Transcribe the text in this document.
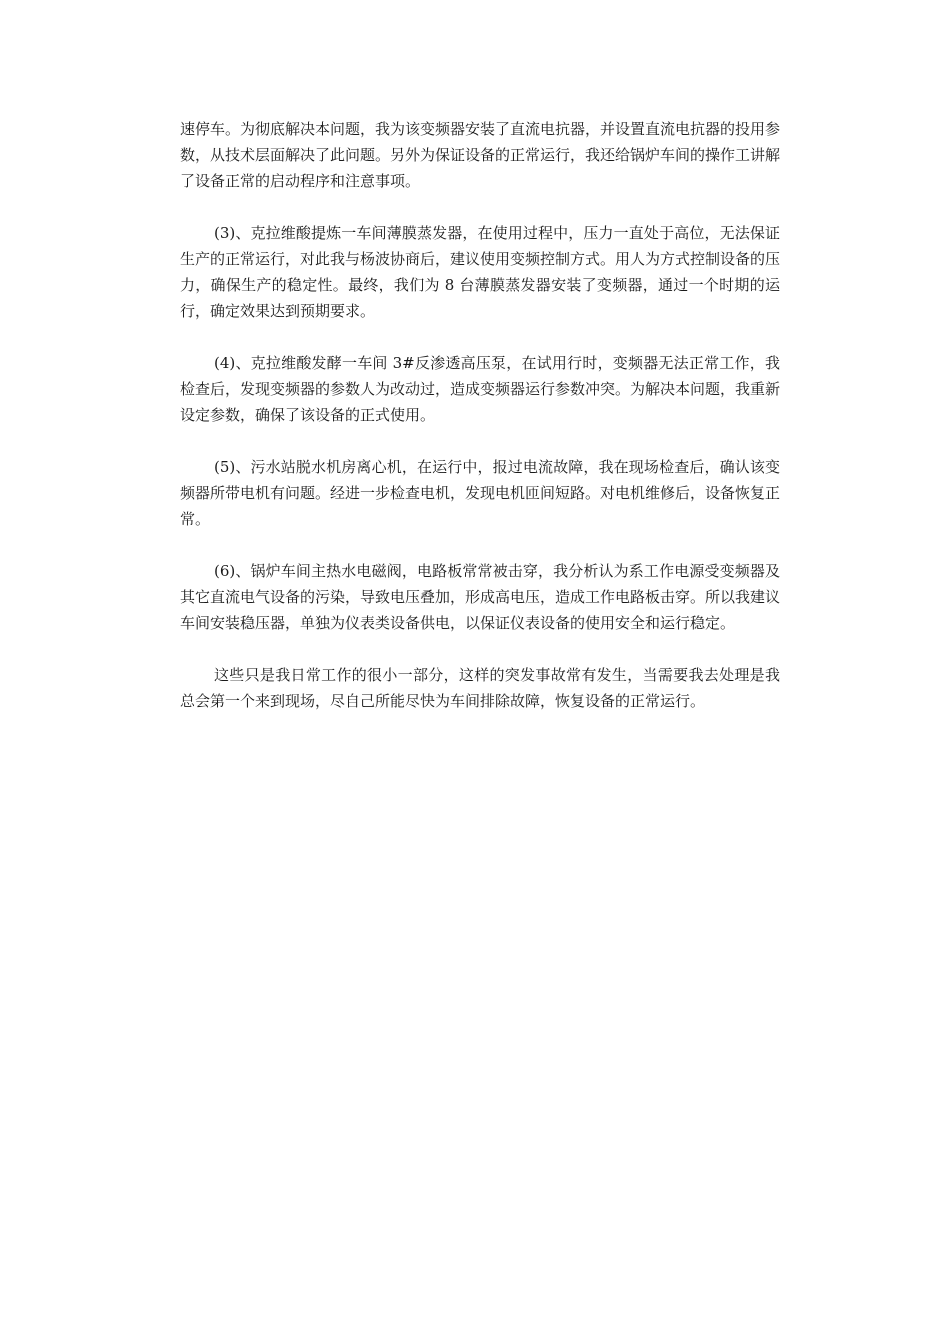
速停车。为彻底解决本问题，我为该变频器安装了直流电抗器，并设置直流电抗器的投用参数，从技术层面解决了此问题。另外为保证设备的正常运行，我还给锅炉车间的操作工讲解了设备正常的启动程序和注意事项。

(3)、克拉维酸提炼一车间薄膜蒸发器，在使用过程中，压力一直处于高位，无法保证生产的正常运行，对此我与杨波协商后，建议使用变频控制方式。用人为方式控制设备的压力，确保生产的稳定性。最终，我们为 8 台薄膜蒸发器安装了变频器，通过一个时期的运行，确定效果达到预期要求。

(4)、克拉维酸发酵一车间 3#反渗透高压泵，在试用行时，变频器无法正常工作，我检查后，发现变频器的参数人为改动过，造成变频器运行参数冲突。为解决本问题，我重新设定参数，确保了该设备的正式使用。

(5)、污水站脱水机房离心机，在运行中，报过电流故障，我在现场检查后，确认该变频器所带电机有问题。经进一步检查电机，发现电机匝间短路。对电机维修后，设备恢复正常。

(6)、锅炉车间主热水电磁阀，电路板常常被击穿，我分析认为系工作电源受变频器及其它直流电气设备的污染，导致电压叠加，形成高电压，造成工作电路板击穿。所以我建议车间安装稳压器，单独为仪表类设备供电，以保证仪表设备的使用安全和运行稳定。

这些只是我日常工作的很小一部分，这样的突发事故常有发生，当需要我去处理是我总会第一个来到现场，尽自己所能尽快为车间排除故障，恢复设备的正常运行。
